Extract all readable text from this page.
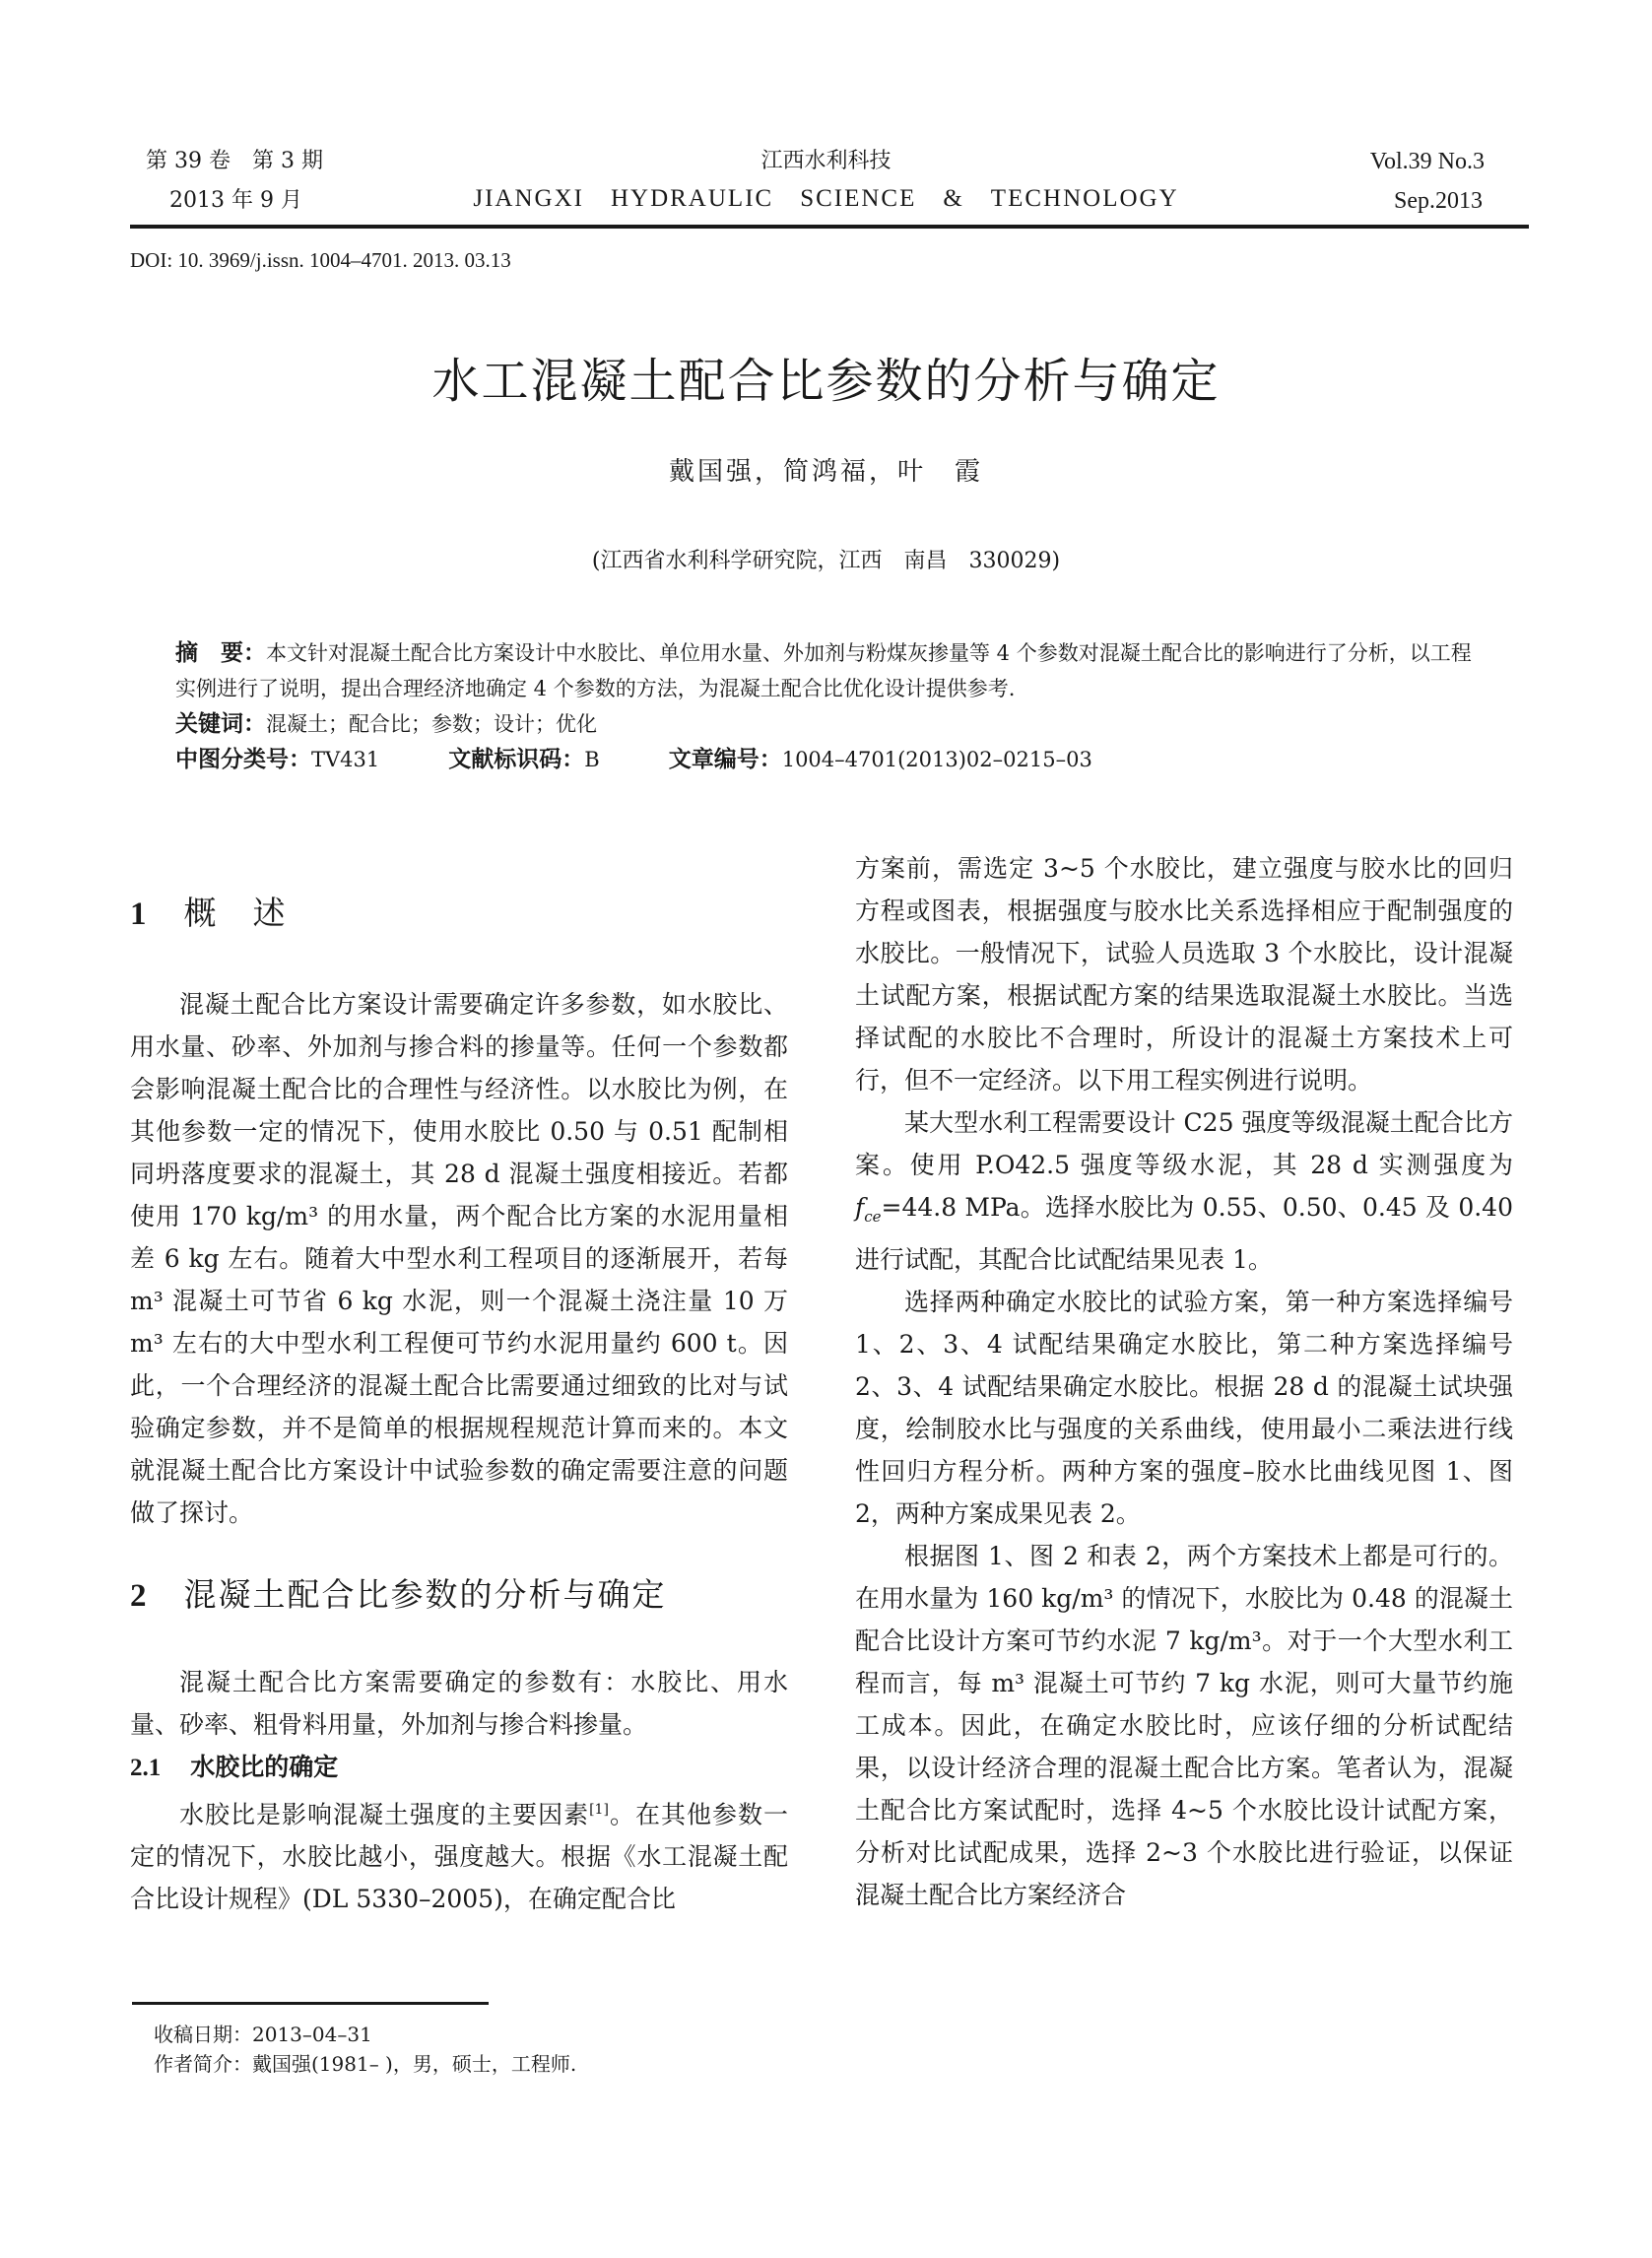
第 39 卷　第 3 期
2013 年 9 月
江西水利科技
JIANGXI　HYDRAULIC　SCIENCE　&　TECHNOLOGY
Vol.39 No.3
Sep.2013
DOI: 10. 3969/j.issn. 1004–4701. 2013. 03.13
水工混凝土配合比参数的分析与确定
戴国强，简鸿福，叶　霞
(江西省水利科学研究院，江西　南昌　330029)
摘　要：本文针对混凝土配合比方案设计中水胶比、单位用水量、外加剂与粉煤灰掺量等 4 个参数对混凝土配合比的影响进行了分析，以工程实例进行了说明，提出合理经济地确定 4 个参数的方法，为混凝土配合比优化设计提供参考.
关键词：混凝土；配合比；参数；设计；优化
中图分类号：TV431	文献标识码：B	文章编号：1004–4701(2013)02–0215–03
1 概　述

混凝土配合比方案设计需要确定许多参数，如水胶比、用水量、砂率、外加剂与掺合料的掺量等。任何一个参数都会影响混凝土配合比的合理性与经济性。以水胶比为例，在其他参数一定的情况下，使用水胶比 0.50 与 0.51 配制相同坍落度要求的混凝土，其 28 d 混凝土强度相接近。若都使用 170 kg/m³ 的用水量，两个配合比方案的水泥用量相差 6 kg 左右。随着大中型水利工程项目的逐渐展开，若每 m³ 混凝土可节省 6 kg 水泥，则一个混凝土浇注量 10 万 m³ 左右的大中型水利工程便可节约水泥用量约 600 t。因此，一个合理经济的混凝土配合比需要通过细致的比对与试验确定参数，并不是简单的根据规程规范计算而来的。本文就混凝土配合比方案设计中试验参数的确定需要注意的问题做了探讨。

2 混凝土配合比参数的分析与确定

混凝土配合比方案需要确定的参数有：水胶比、用水量、砂率、粗骨料用量，外加剂与掺合料掺量。

2.1 水胶比的确定

水胶比是影响混凝土强度的主要因素[1]。在其他参数一定的情况下，水胶比越小，强度越大。根据《水工混凝土配合比设计规程》(DL 5330–2005)，在确定配合比

方案前，需选定 3~5 个水胶比，建立强度与胶水比的回归方程或图表，根据强度与胶水比关系选择相应于配制强度的水胶比。一般情况下，试验人员选取 3 个水胶比，设计混凝土试配方案，根据试配方案的结果选取混凝土水胶比。当选择试配的水胶比不合理时，所设计的混凝土方案技术上可行，但不一定经济。以下用工程实例进行说明。

某大型水利工程需要设计 C25 强度等级混凝土配合比方案。使用 P.O42.5 强度等级水泥，其 28 d 实测强度为 $f_{ce}=44.8$ MPa。选择水胶比为 0.55、0.50、0.45 及 0.40 进行试配，其配合比试配结果见表 1。

选择两种确定水胶比的试验方案，第一种方案选择编号 1、2、3、4 试配结果确定水胶比，第二种方案选择编号 2、3、4 试配结果确定水胶比。根据 28 d 的混凝土试块强度，绘制胶水比与强度的关系曲线，使用最小二乘法进行线性回归方程分析。两种方案的强度–胶水比曲线见图 1、图 2，两种方案成果见表 2。

根据图 1、图 2 和表 2，两个方案技术上都是可行的。在用水量为 160 kg/m³ 的情况下，水胶比为 0.48 的混凝土配合比设计方案可节约水泥 7 kg/m³。对于一个大型水利工程而言，每 m³ 混凝土可节约 7 kg 水泥，则可大量节约施工成本。因此，在确定水胶比时，应该仔细的分析试配结果，以设计经济合理的混凝土配合比方案。笔者认为，混凝土配合比方案试配时，选择 4~5 个水胶比设计试配方案，分析对比试配成果，选择 2~3 个水胶比进行验证，以保证混凝土配合比方案经济合

收稿日期：2013–04–31
作者简介：戴国强(1981– )，男，硕士，工程师.
